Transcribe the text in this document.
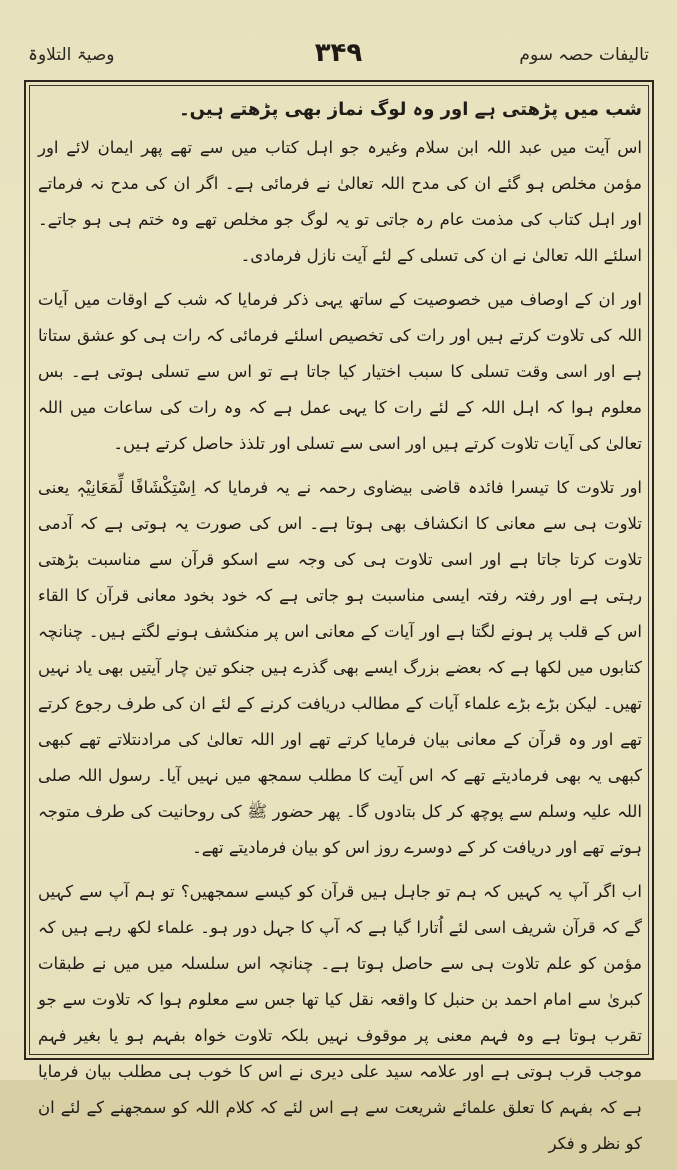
تالیفات حصہ سوم
۳۴۹
وصیۃ التلاوۃ

شب میں پڑھتی ہے اور وہ لوگ نماز بھی پڑھتے ہیں۔

اس آیت میں عبد اللہ ابن سلام وغیرہ جو اہل کتاب میں سے تھے پھر ایمان لائے اور مؤمن مخلص ہو گئے ان کی مدح اللہ تعالیٰ نے فرمائی ہے۔ اگر ان کی مدح نہ فرماتے اور اہل کتاب کی مذمت عام رہ جاتی تو یہ لوگ جو مخلص تھے وہ ختم ہی ہو جاتے۔ اسلئے اللہ تعالیٰ نے ان کی تسلی کے لئے آیت نازل فرمادی۔

اور ان کے اوصاف میں خصوصیت کے ساتھ یہی ذکر فرمایا کہ شب کے اوقات میں آیات اللہ کی تلاوت کرتے ہیں اور رات کی تخصیص اسلئے فرمائی کہ رات ہی کو عشق ستاتا ہے اور اسی وقت تسلی کا سبب اختیار کیا جاتا ہے تو اس سے تسلی ہوتی ہے۔ بس معلوم ہوا کہ اہل اللہ کے لئے رات کا یہی عمل ہے کہ وہ رات کی ساعات میں اللہ تعالیٰ کی آیات تلاوت کرتے ہیں اور اسی سے تسلی اور تلذذ حاصل کرتے ہیں۔

اور تلاوت کا تیسرا فائدہ قاضی بیضاوی رحمہ نے یہ فرمایا کہ اِسْتِکْشَافًا لِّمَعَانِیْہٖ یعنی تلاوت ہی سے معانی کا انکشاف بھی ہوتا ہے۔ اس کی صورت یہ ہوتی ہے کہ آدمی تلاوت کرتا جاتا ہے اور اسی تلاوت ہی کی وجہ سے اسکو قرآن سے مناسبت بڑھتی رہتی ہے اور رفتہ رفتہ ایسی مناسبت ہو جاتی ہے کہ خود بخود معانی قرآن کا القاء اس کے قلب پر ہونے لگتا ہے اور آیات کے معانی اس پر منکشف ہونے لگتے ہیں۔ چنانچہ کتابوں میں لکھا ہے کہ بعضے بزرگ ایسے بھی گذرے ہیں جنکو تین چار آیتیں بھی یاد نہیں تھیں۔ لیکن بڑے بڑے علماء آیات کے مطالب دریافت کرنے کے لئے ان کی طرف رجوع کرتے تھے اور وہ قرآن کے معانی بیان فرمایا کرتے تھے اور اللہ تعالیٰ کی مرادنتلاتے تھے کبھی کبھی یہ بھی فرمادیتے تھے کہ اس آیت کا مطلب سمجھ میں نہیں آیا۔ رسول اللہ صلی اللہ علیہ وسلم سے پوچھ کر کل بتادوں گا۔ پھر حضور ﷺ کی روحانیت کی طرف متوجہ ہوتے تھے اور دریافت کر کے دوسرے روز اس کو بیان فرمادیتے تھے۔

اب اگر آپ یہ کہیں کہ ہم تو جاہل ہیں قرآن کو کیسے سمجھیں؟ تو ہم آپ سے کہیں گے کہ قرآن شریف اسی لئے اُتارا گیا ہے کہ آپ کا جہل دور ہو۔ علماء لکھ رہے ہیں کہ مؤمن کو علم تلاوت ہی سے حاصل ہوتا ہے۔ چنانچہ اس سلسلہ میں میں نے طبقات کبریٰ سے امام احمد بن حنبل کا واقعہ نقل کیا تھا جس سے معلوم ہوا کہ تلاوت سے جو تقرب ہوتا ہے وہ فہم معنی پر موقوف نہیں بلکہ تلاوت خواہ بفہم ہو یا بغیر فہم موجب قرب ہوتی ہے اور علامہ سید علی دیری نے اس کا خوب ہی مطلب بیان فرمایا ہے کہ بفہم کا تعلق علمائے شریعت سے ہے اس لئے کہ کلام اللہ کو سمجھنے کے لئے ان کو نظر و فکر
